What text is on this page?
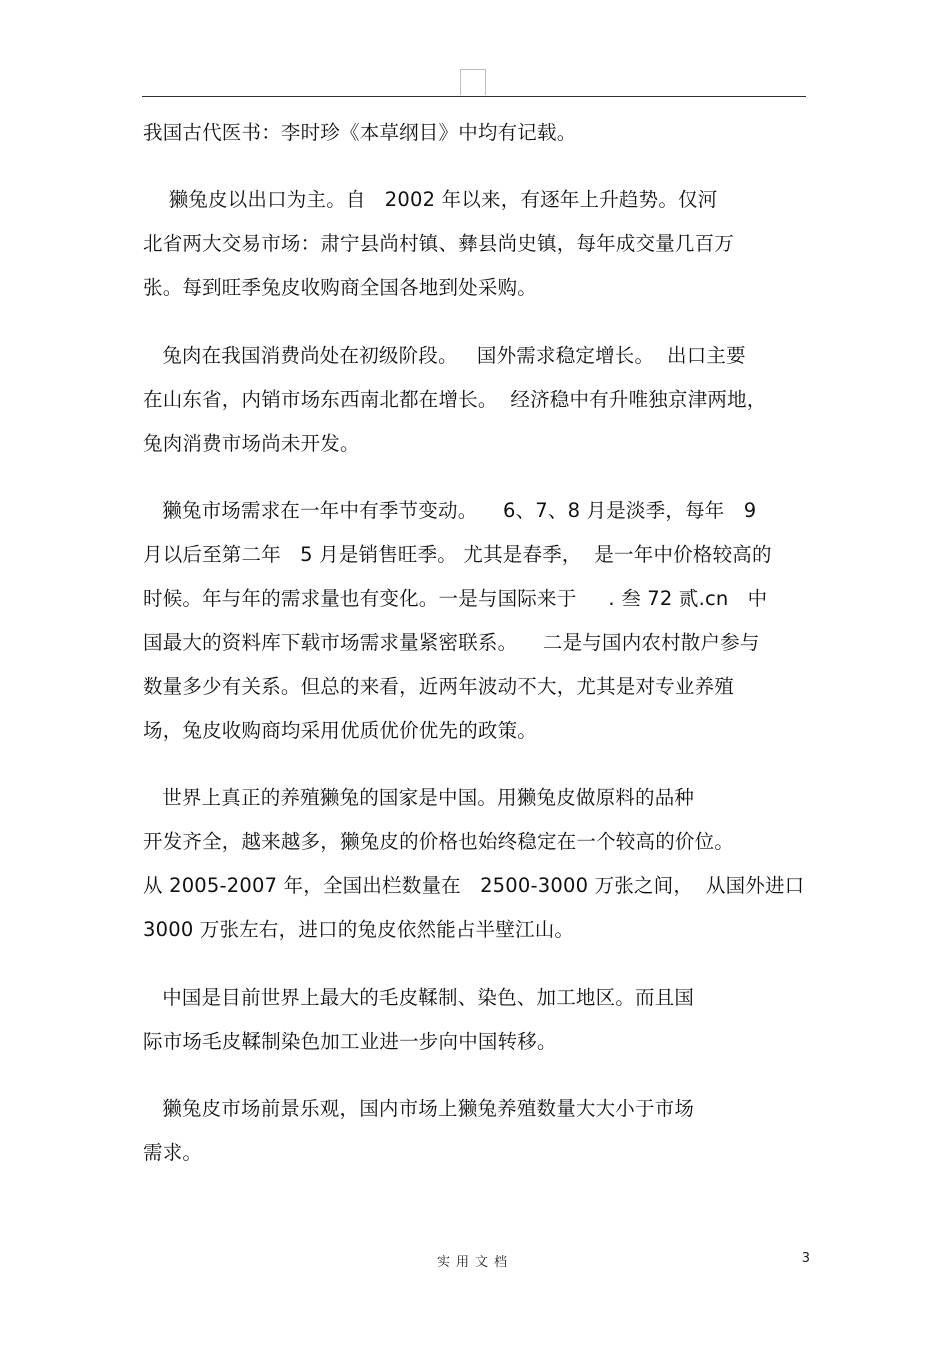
我国古代医书：李时珍《本草纲目》中均有记载。
獭兔皮以出口为主。自   2002 年以来，有逐年上升趋势。仅河
北省两大交易市场：肃宁县尚村镇、彝县尚史镇，每年成交量几百万
张。每到旺季兔皮收购商全国各地到处采购。
兔肉在我国消费尚处在初级阶段。   国外需求稳定增长。  出口主要
在山东省，内销市场东西南北都在增长。  经济稳中有升唯独京津两地，
兔肉消费市场尚未开发。
獭兔市场需求在一年中有季节变动。    6、7、8 月是淡季，每年   9
月以后至第二年   5 月是销售旺季。 尤其是春季，  是一年中价格较高的
时候。年与年的需求量也有变化。一是与国际来于     . 叁 72 贰.cn   中
国最大的资料库下载市场需求量紧密联系。    二是与国内农村散户参与
数量多少有关系。但总的来看，近两年波动不大，尤其是对专业养殖
场，兔皮收购商均采用优质优价优先的政策。
世界上真正的养殖獭兔的国家是中国。用獭兔皮做原料的品种
开发齐全，越来越多，獭兔皮的价格也始终稳定在一个较高的价位。
从 2005-2007 年，全国出栏数量在   2500-3000 万张之间，  从国外进口
3000 万张左右，进口的兔皮依然能占半壁江山。
中国是目前世界上最大的毛皮鞣制、染色、加工地区。而且国
际市场毛皮鞣制染色加工业进一步向中国转移。
獭兔皮市场前景乐观，国内市场上獭兔养殖数量大大小于市场
需求。
实用文档	3
